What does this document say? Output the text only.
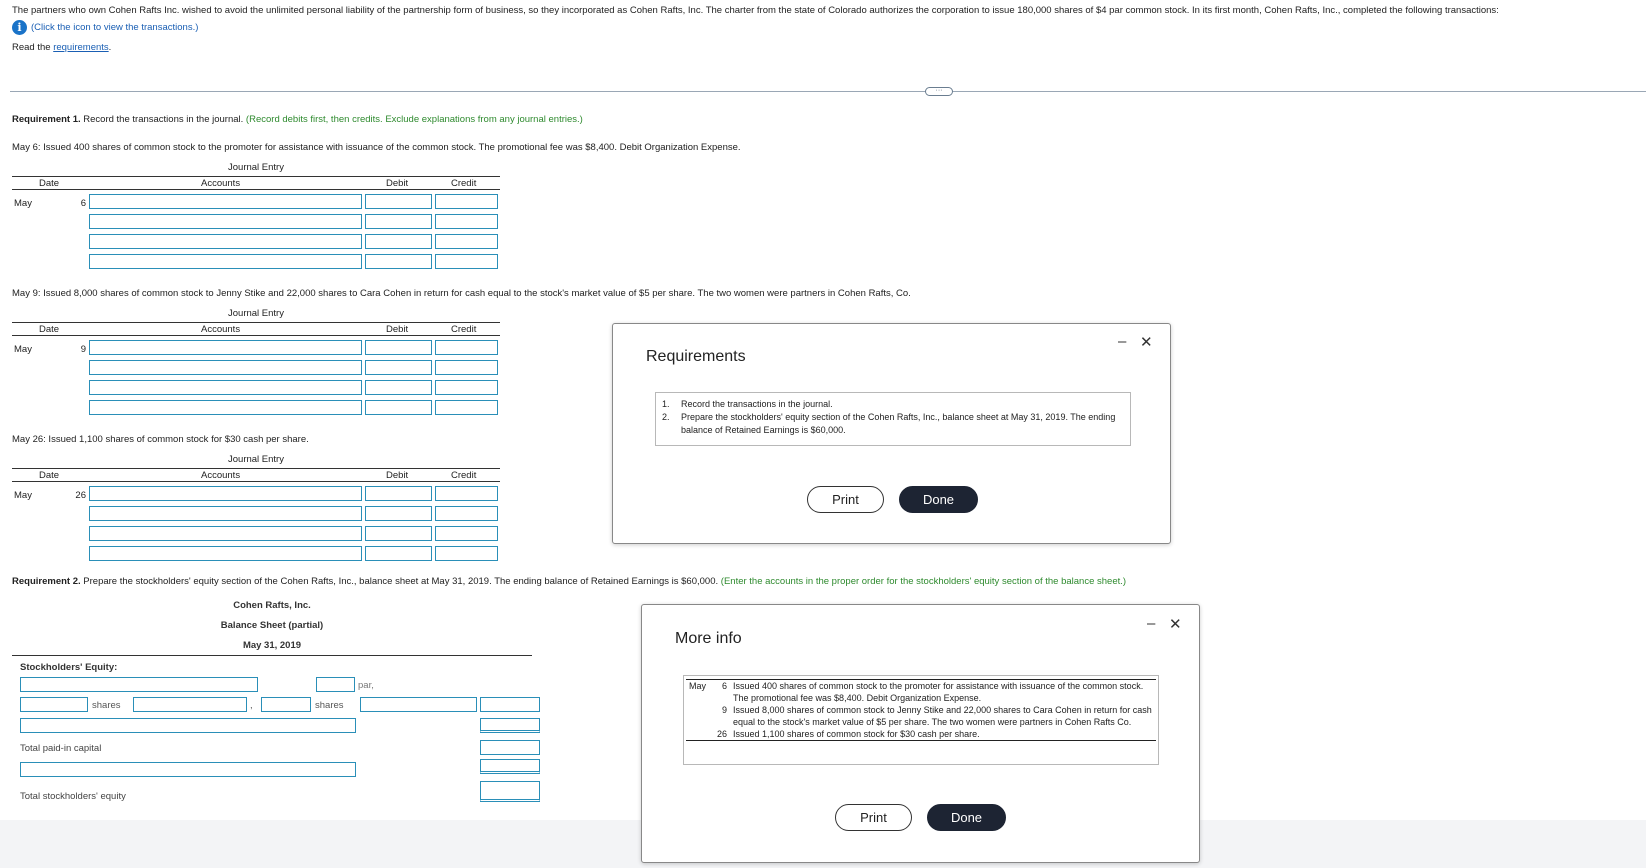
The partners who own Cohen Rafts Inc. wished to avoid the unlimited personal liability of the partnership form of business, so they incorporated as Cohen Rafts, Inc. The charter from the state of Colorado authorizes the corporation to issue 180,000 shares of $4 par common stock. In its first month, Cohen Rafts, Inc., completed the following transactions:
i (Click the icon to view the transactions.)
Read the requirements.
···
Requirement 1. Record the transactions in the journal. (Record debits first, then credits. Exclude explanations from any journal entries.)
May 6: Issued 400 shares of common stock to the promoter for assistance with issuance of the common stock. The promotional fee was $8,400. Debit Organization Expense.
Journal Entry
Date	Accounts	Debit	Credit
May	6
May 9: Issued 8,000 shares of common stock to Jenny Stike and 22,000 shares to Cara Cohen in return for cash equal to the stock's market value of $5 per share. The two women were partners in Cohen Rafts, Co.
Journal Entry
Date	Accounts	Debit	Credit
May	9
May 26: Issued 1,100 shares of common stock for $30 cash per share.
Journal Entry
Date	Accounts	Debit	Credit
May	26
Requirement 2. Prepare the stockholders' equity section of the Cohen Rafts, Inc., balance sheet at May 31, 2019. The ending balance of Retained Earnings is $60,000. (Enter the accounts in the proper order for the stockholders' equity section of the balance sheet.)
Cohen Rafts, Inc.
Balance Sheet (partial)
May 31, 2019
Stockholders' Equity:
par,
shares	,	shares
Total paid-in capital
Total stockholders' equity
Requirements
– ✕
1.	Record the transactions in the journal.
2.	Prepare the stockholders' equity section of the Cohen Rafts, Inc., balance sheet at May 31, 2019. The ending balance of Retained Earnings is $60,000.
Print	Done
More info
– ✕
May	6	Issued 400 shares of common stock to the promoter for assistance with issuance of the common stock. The promotional fee was $8,400. Debit Organization Expense.
	9	Issued 8,000 shares of common stock to Jenny Stike and 22,000 shares to Cara Cohen in return for cash equal to the stock's market value of $5 per share. The two women were partners in Cohen Rafts Co.
	26	Issued 1,100 shares of common stock for $30 cash per share.
Print	Done
